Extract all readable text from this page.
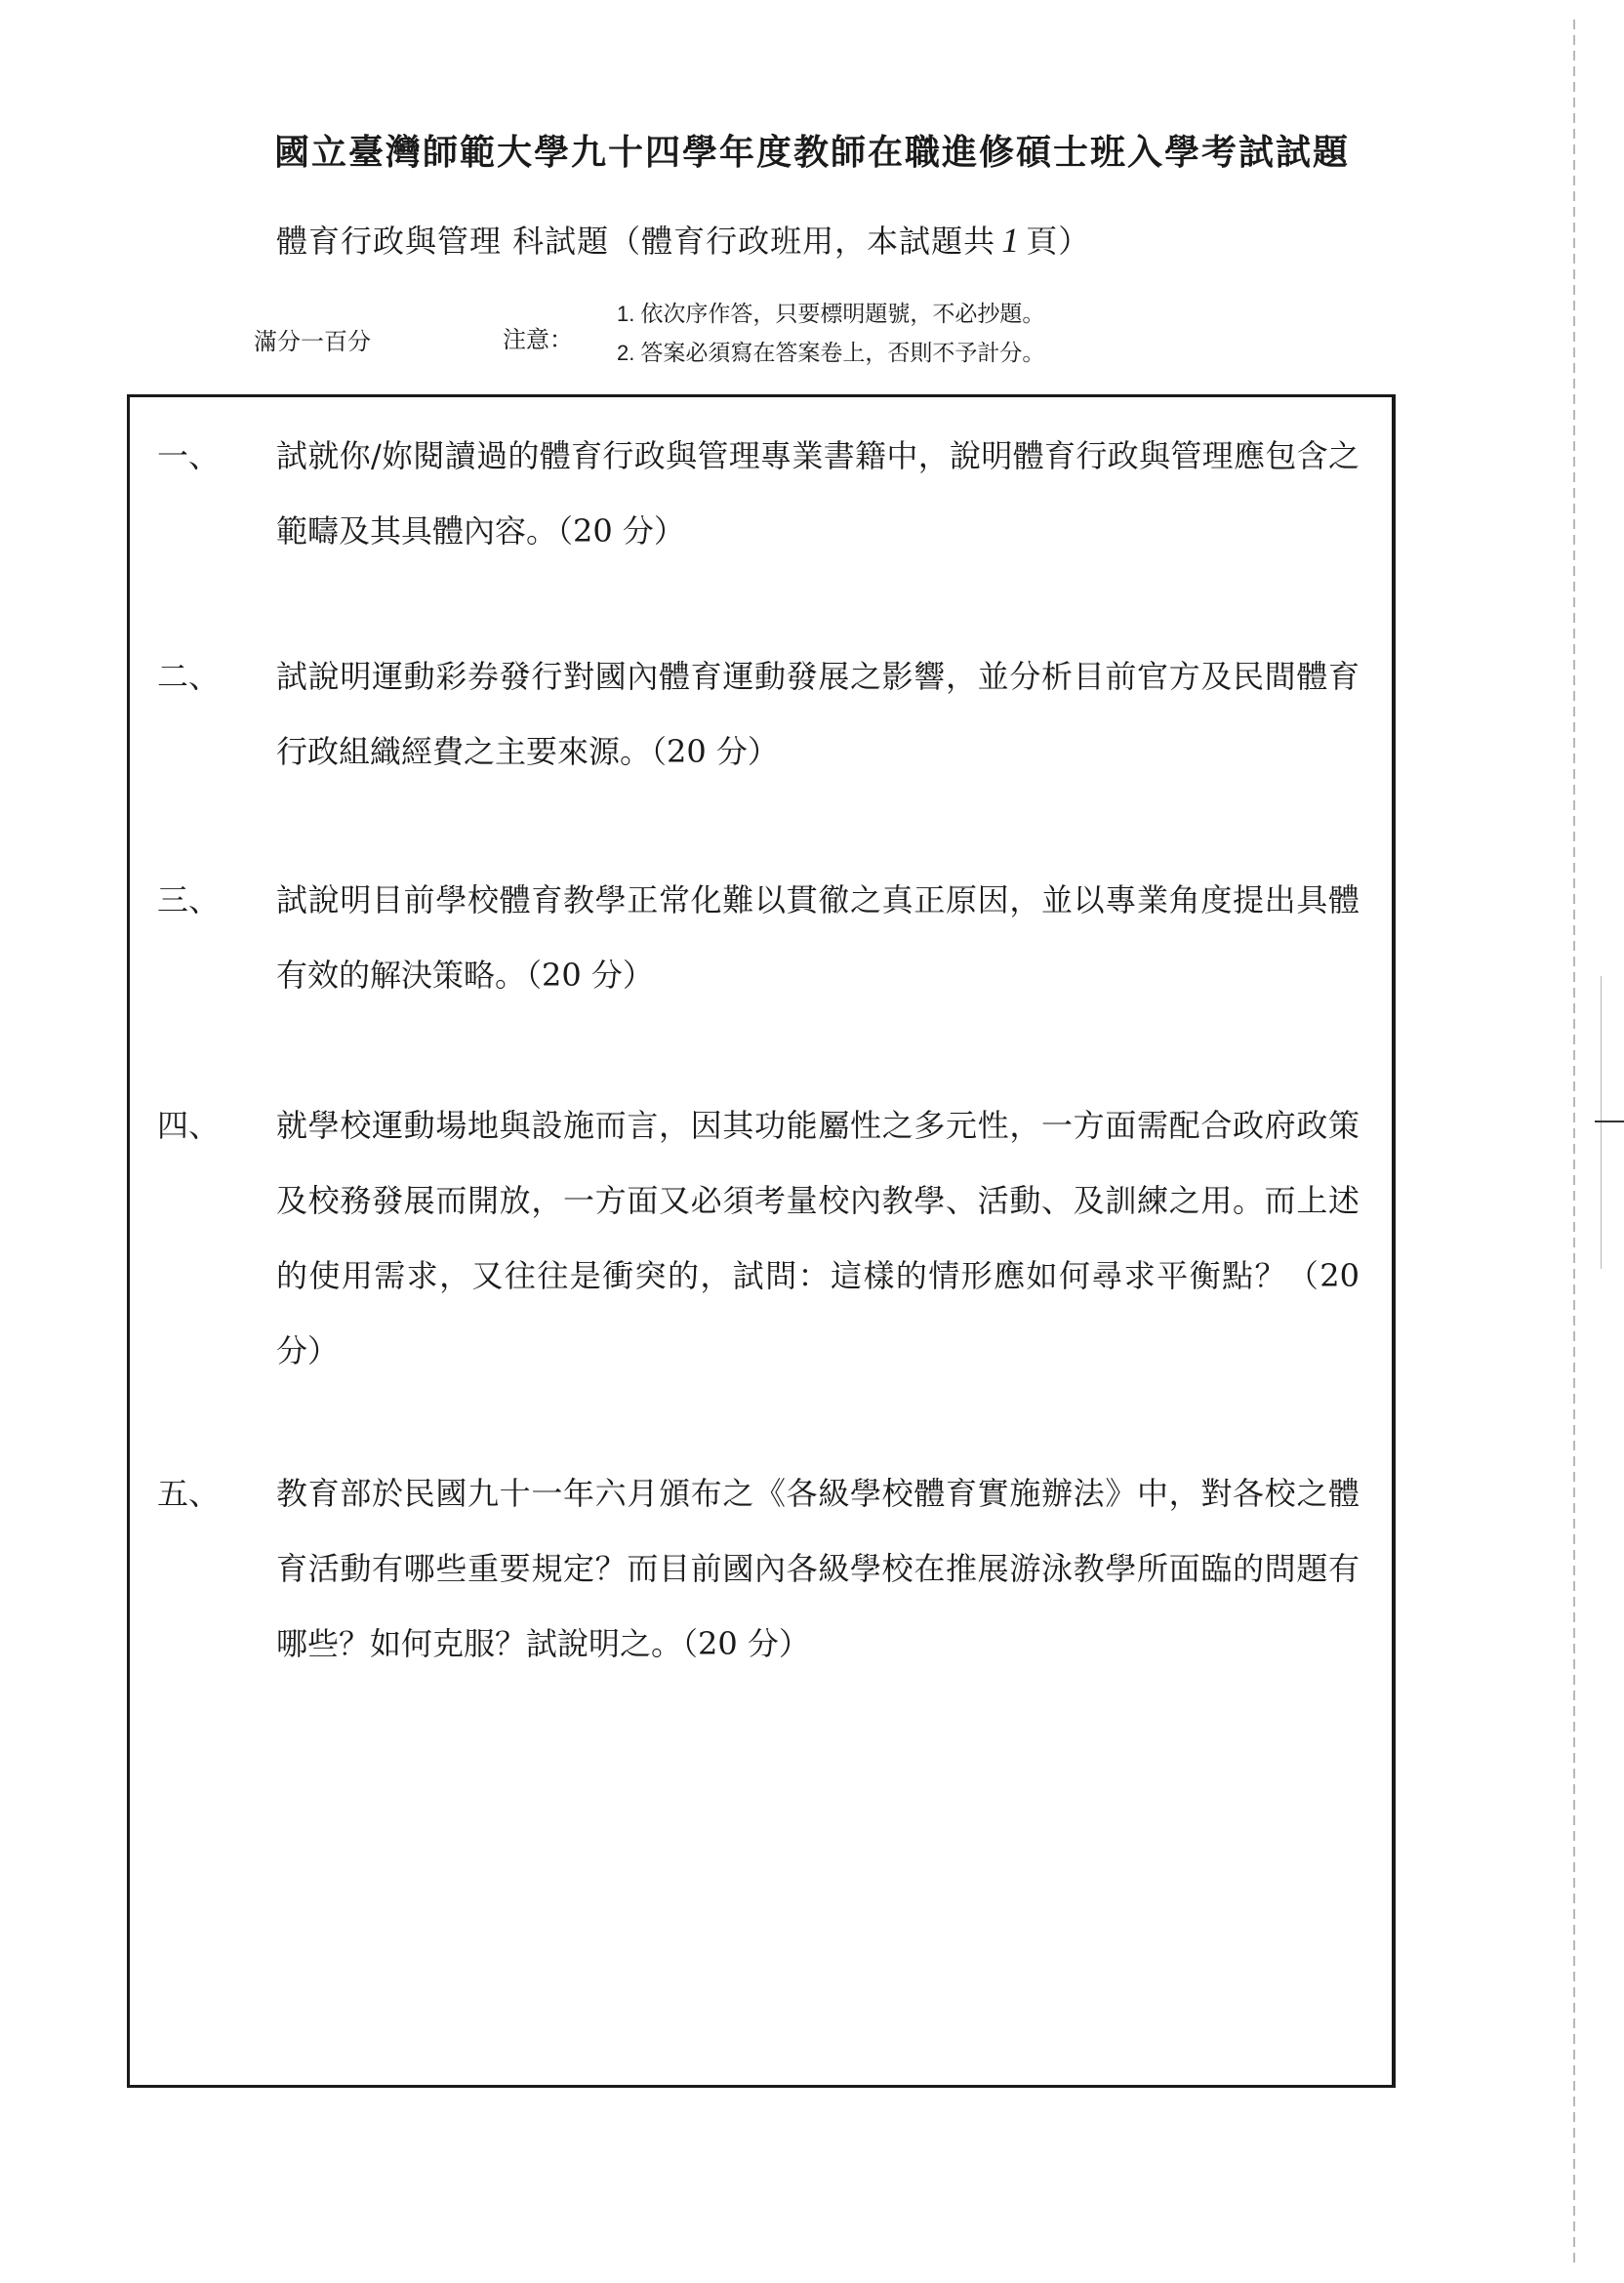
國立臺灣師範大學九十四學年度教師在職進修碩士班入學考試試題
體育行政與管理 科試題（體育行政班用，本試題共 1 頁）
滿分一百分	注意：
1. 依次序作答，只要標明題號，不必抄題。
2. 答案必須寫在答案卷上，否則不予計分。
一、	試就你/妳閱讀過的體育行政與管理專業書籍中，說明體育行政與管理應包含之範疇及其具體內容。（20 分）
二、	試說明運動彩券發行對國內體育運動發展之影響，並分析目前官方及民間體育行政組織經費之主要來源。（20 分）
三、	試說明目前學校體育教學正常化難以貫徹之真正原因，並以專業角度提出具體有效的解決策略。（20 分）
四、	就學校運動場地與設施而言，因其功能屬性之多元性，一方面需配合政府政策及校務發展而開放，一方面又必須考量校內教學、活動、及訓練之用。而上述的使用需求，又往往是衝突的，試問：這樣的情形應如何尋求平衡點？（20 分）
五、	教育部於民國九十一年六月頒布之《各級學校體育實施辦法》中，對各校之體育活動有哪些重要規定？而目前國內各級學校在推展游泳教學所面臨的問題有哪些？如何克服？試說明之。（20 分）
